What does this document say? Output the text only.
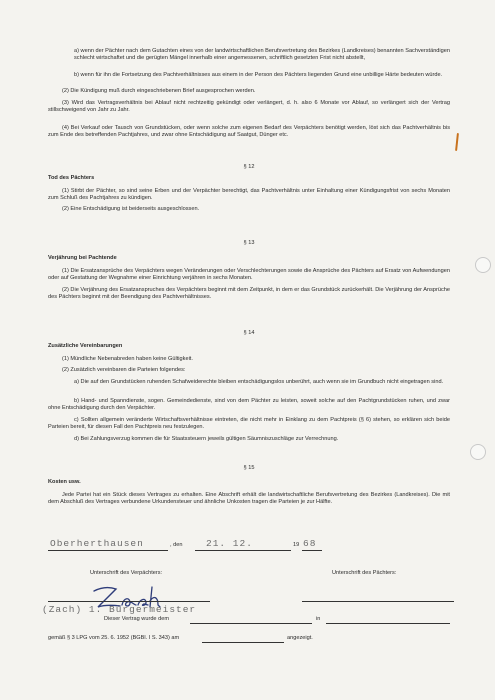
a) wenn der Pächter nach dem Gutachten eines von der landwirtschaftlichen Berufsvertretung des Bezirkes (Landkreises) benannten Sachverständigen schlecht wirtschaftet und die gerügten Mängel innerhalb einer angemessenen, schriftlich gesetzten Frist nicht abstellt,
b) wenn für ihn die Fortsetzung des Pachtverhältnisses aus einem in der Person des Pächters liegenden Grund eine unbillige Härte bedeuten würde.
(2) Die Kündigung muß durch eingeschriebenen Brief ausgesprochen werden.
(3) Wird das Vertragsverhältnis bei Ablauf nicht rechtzeitig gekündigt oder verlängert, d. h. also 6 Monate vor Ablauf, so verlängert sich der Vertrag stillschweigend von Jahr zu Jahr.
(4) Bei Verkauf oder Tausch von Grundstücken, oder wenn solche zum eigenen Bedarf des Verpächters benötigt werden, löst sich das Pachtverhältnis bis zum Ende des betreffenden Pachtjahres, und zwar ohne Entschädigung auf Saatgut, Dünger etc.
§ 12
Tod des Pächters
(1) Stirbt der Pächter, so sind seine Erben und der Verpächter berechtigt, das Pachtverhältnis unter Einhaltung einer Kündigungsfrist von sechs Monaten zum Schluß des Pachtjahres zu kündigen.
(2) Eine Entschädigung ist beiderseits ausgeschlossen.
§ 13
Verjährung bei Pachtende
(1) Die Ersatzansprüche des Verpächters wegen Veränderungen oder Verschlechterungen sowie die Ansprüche des Pächters auf Ersatz von Aufwendungen oder auf Gestattung der Wegnahme einer Einrichtung verjähren in sechs Monaten.
(2) Die Verjährung des Ersatzanspruches des Verpächters beginnt mit dem Zeitpunkt, in dem er das Grundstück zurückerhält. Die Verjährung der Ansprüche des Pächters beginnt mit der Beendigung des Pachtverhältnisses.
§ 14
Zusätzliche Vereinbarungen
(1) Mündliche Nebenabreden haben keine Gültigkeit.
(2) Zusätzlich vereinbaren die Parteien folgendes:
a) Die auf den Grundstücken ruhenden Schafweiderechte bleiben entschädigungslos unberührt, auch wenn sie im Grundbuch nicht eingetragen sind.
b) Hand- und Spanndienste, sogen. Gemeindedienste, sind von dem Pächter zu leisten, soweit solche auf den Pachtgrundstücken ruhen, und zwar ohne Entschädigung durch den Verpächter.
c) Sollten allgemein veränderte Wirtschaftsverhältnisse eintreten, die nicht mehr in Einklang zu dem Pachtpreis (§ 6) stehen, so erklären sich beide Parteien bereit, für diesen Fall den Pachtpreis neu festzulegen.
d) Bei Zahlungsverzug kommen die für Staatssteuern jeweils gültigen Säumniszuschläge zur Verrechnung.
§ 15
Kosten usw.
Jede Partei hat ein Stück dieses Vertrages zu erhalten. Eine Abschrift erhält die landwirtschaftliche Berufsvertretung des Bezirkes (Landkreises). Die mit dem Abschluß des Vertrages verbundene Urkundensteuer und ähnliche Unkosten tragen die Parteien je zur Hälfte.
Oberherthausen	, den 21. 12.	19 68
Unterschrift des Verpächters:	Unterschrift des Pächters:
(Zach) 1. Bürgermeister
Dieser Vertrag wurde dem	in
gemäß § 3 LPG vom 25. 6. 1952 (BGBl. I S. 343) am	angezeigt.
